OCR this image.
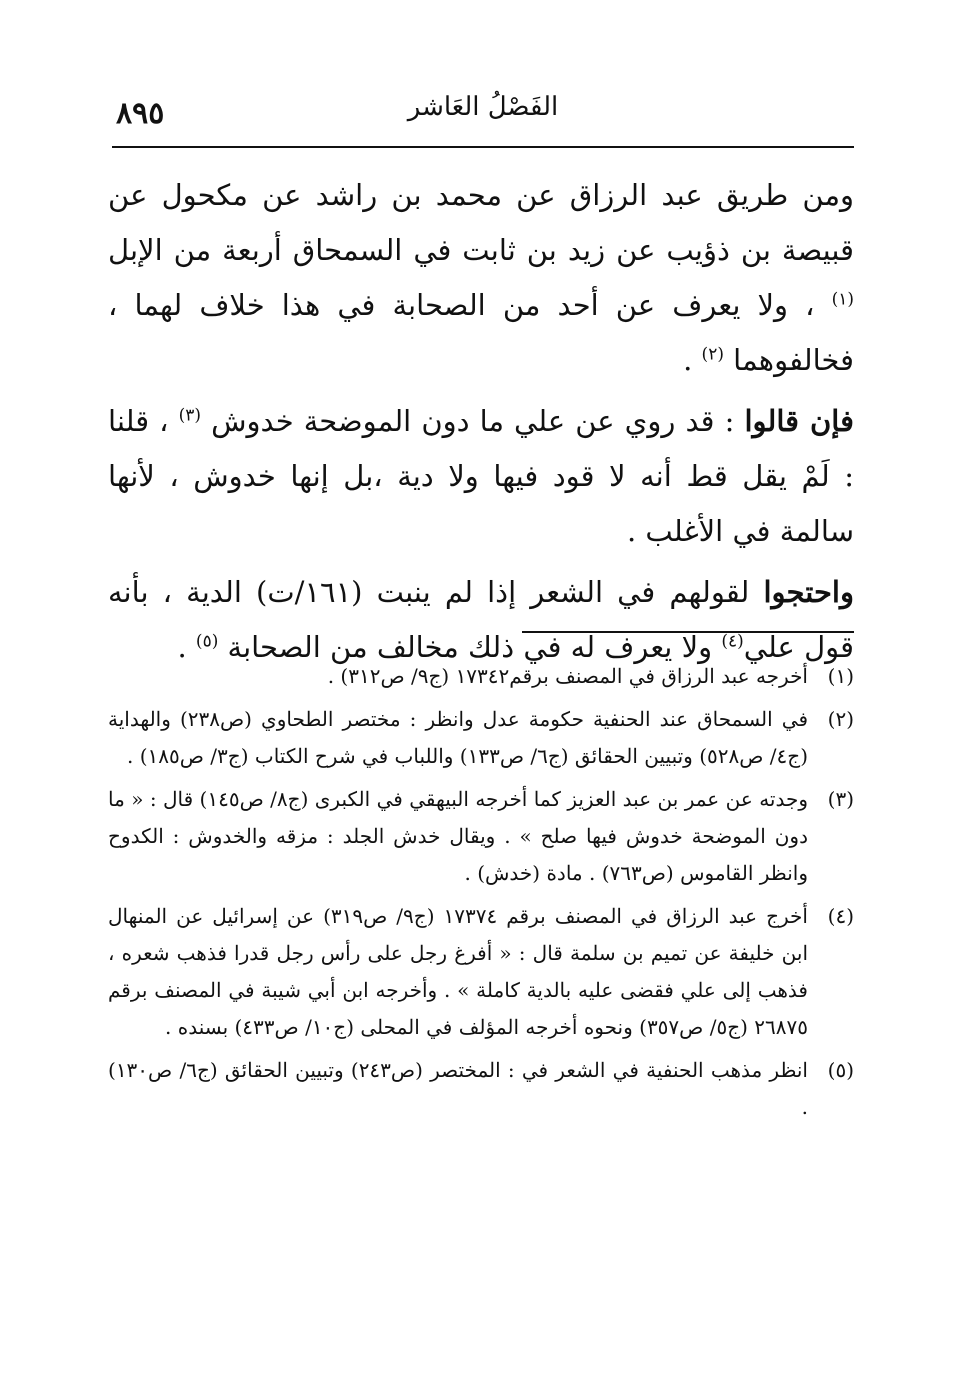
٨٩٥	الفَصْلُ العَاشر

ومن طريق عبد الرزاق عن محمد بن راشد عن مكحول عن قبيصة بن ذؤيب عن زيد بن ثابت في السمحاق أربعة من الإبل $^{(١)}$ ، ولا يعرف عن أحد من الصحابة في هذا خلاف لهما ، فخالفوهما $^{(٢)}$ .

فإن قالوا : قد روي عن علي ما دون الموضحة خدوش $^{(٣)}$ ، قلنا : لَمْ يقل قط أنه لا قود فيها ولا دية ،بل إنها خدوش ، لأنها سالمة في الأغلب .

واحتجوا لقولهم في الشعر إذا لم ينبت (١٦١/ت) الدية ، بأنه قول علي$^{(٤)}$ ولا يعرف له في ذلك مخالف من الصحابة $^{(٥)}$ .

(١)
أخرجه عبد الرزاق في المصنف برقم١٧٣٤٢ (ج٩/ ص٣١٢) .
(٢)
في السمحاق عند الحنفية حكومة عدل وانظر : مختصر الطحاوي (ص٢٣٨) والهداية (ج٤/ ص٥٢٨) وتبيين الحقائق (ج٦/ ص١٣٣) واللباب في شرح الكتاب (ج٣/ ص١٨٥) .
(٣)
وجدته عن عمر بن عبد العزيز كما أخرجه البيهقي في الكبرى (ج٨/ ص١٤٥) قال : « ما دون الموضحة خدوش فيها صلح » . ويقال خدش الجلد : مزقه والخدوش : الكدوح وانظر القاموس (ص٧٦٣) . مادة (خدش) .
(٤)
أخرج عبد الرزاق في المصنف برقم ١٧٣٧٤ (ج٩/ ص٣١٩) عن إسرائيل عن المنهال ابن خليفة عن تميم بن سلمة قال : « أفرغ رجل على رأس رجل قدرا فذهب شعره ، فذهب إلى علي فقضى عليه بالدية كاملة » . وأخرجه ابن أبي شيبة في المصنف برقم ٢٦٨٧٥ (ج٥/ ص٣٥٧) ونحوه أخرجه المؤلف في المحلى (ج١٠/ ص٤٣٣) بسنده .
(٥)
انظر مذهب الحنفية في الشعر في : المختصر (ص٢٤٣) وتبيين الحقائق (ج٦/ ص١٣٠) .
